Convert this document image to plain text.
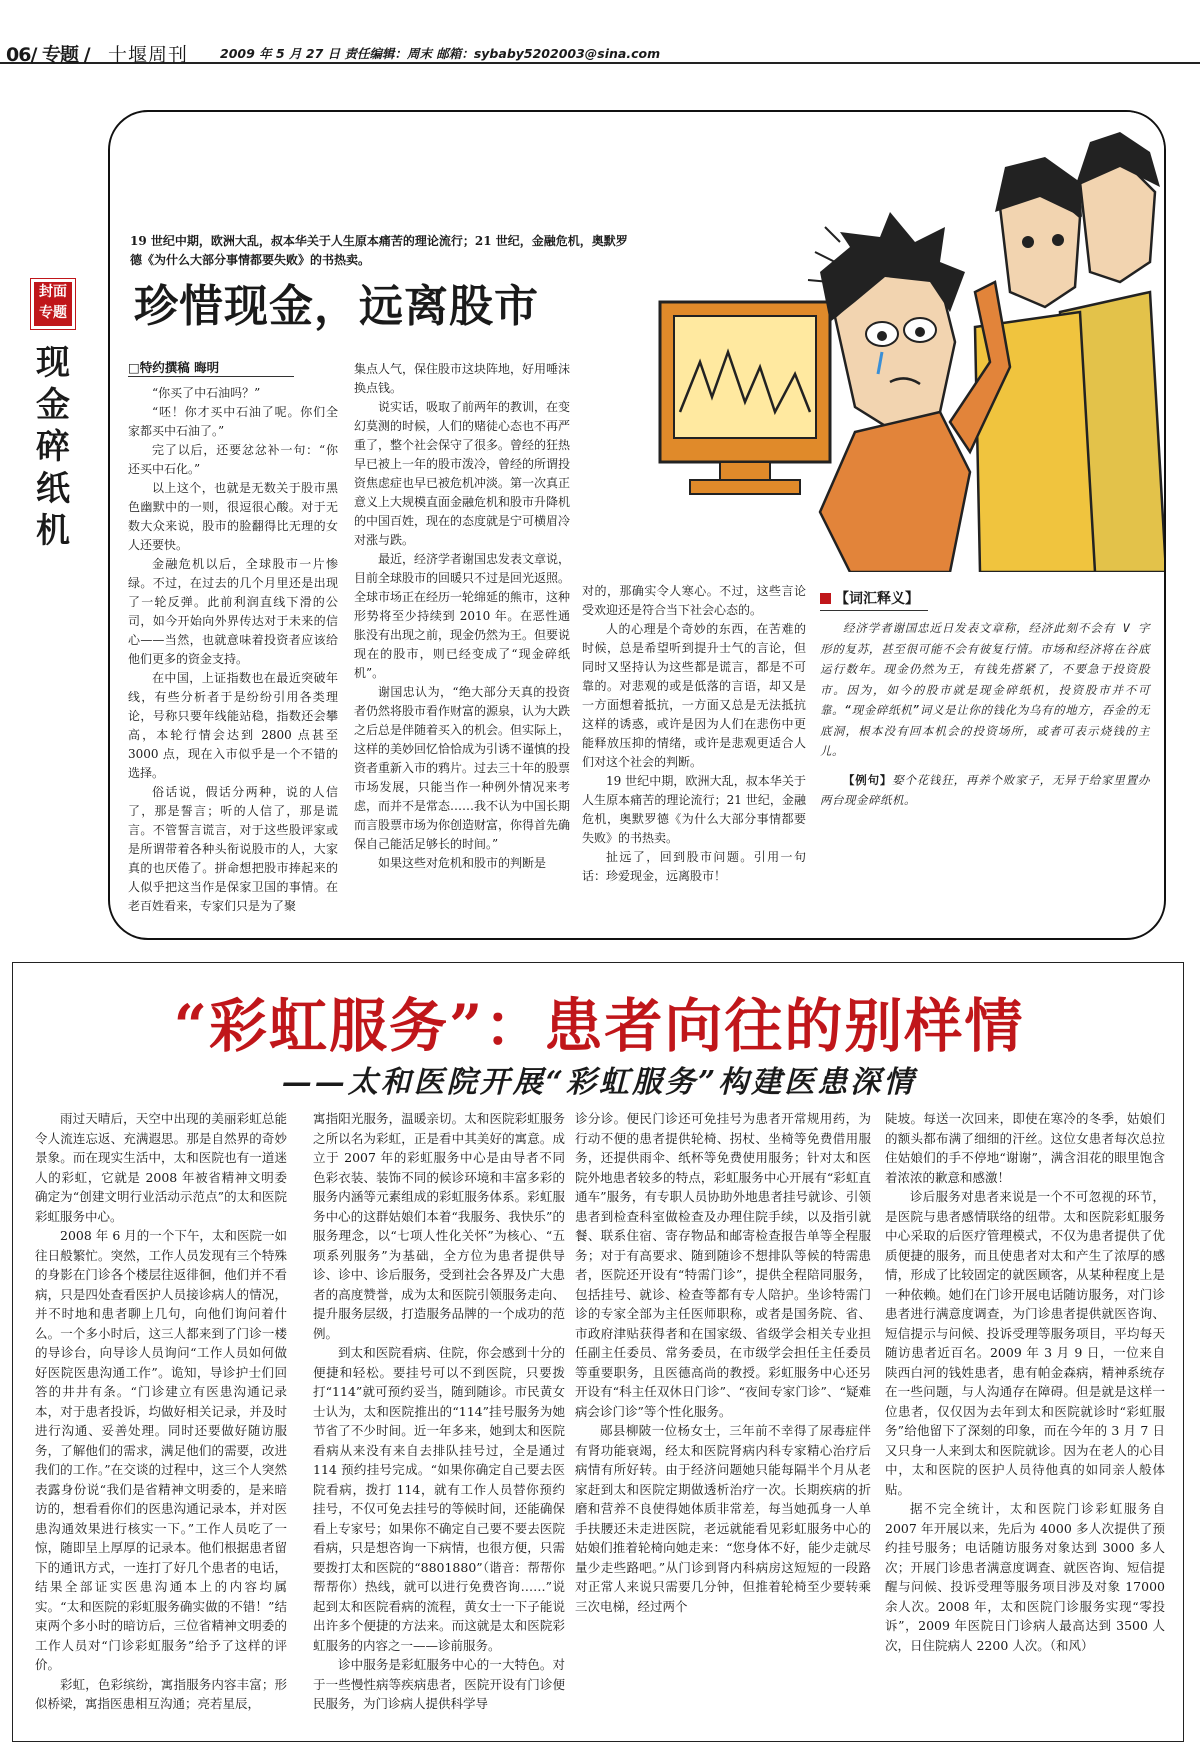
06/ 专题 / 十堰周刊	2009 年 5 月 27 日 责任编辑：周末 邮箱：sybaby5202003@sina.com
封面专题
现金碎纸机
19 世纪中期，欧洲大乱，叔本华关于人生原本痛苦的理论流行；21 世纪，金融危机，奥默罗德《为什么大部分事情都要失败》的书热卖。
珍惜现金，远离股市
□特约撰稿 晦明

“你买了中石油吗？”

“呸！你才买中石油了呢。你们全家都买中石油了。”

完了以后，还要忿忿补一句：“你还买中石化。”

以上这个，也就是无数关于股市黑色幽默中的一则，很逗很心酸。对于无数大众来说，股市的脸翻得比无理的女人还要快。

金融危机以后，全球股市一片惨绿。不过，在过去的几个月里还是出现了一轮反弹。此前利润直线下滑的公司，如今开始向外界传达对于未来的信心——当然，也就意味着投资者应该给他们更多的资金支持。

在中国，上证指数也在最近突破年线，有些分析者于是纷纷引用各类理论，号称只要年线能站稳，指数还会攀高，本轮行情会达到 2800 点甚至 3000 点，现在入市似乎是一个不错的选择。

俗话说，假话分两种，说的人信了，那是誓言；听的人信了，那是谎言。不管誓言谎言，对于这些股评家或是所谓带着各种头衔说股市的人，大家真的也厌倦了。拼命想把股市捧起来的人似乎把这当作是保家卫国的事情。在老百姓看来，专家们只是为了聚

集点人气，保住股市这块阵地，好用唾沫换点钱。

说实话，吸取了前两年的教训，在变幻莫测的时候，人们的赌徒心态也不再严重了，整个社会保守了很多。曾经的狂热早已被上一年的股市泼冷，曾经的所谓投资焦虑症也早已被危机冲淡。第一次真正意义上大规模直面金融危机和股市升降机的中国百姓，现在的态度就是宁可横眉冷对涨与跌。

最近，经济学者谢国忠发表文章说，目前全球股市的回暖只不过是回光返照。全球市场正在经历一轮绵延的熊市，这种形势将至少持续到 2010 年。在恶性通胀没有出现之前，现金仍然为王。但要说现在的股市，则已经变成了“现金碎纸机”。

谢国忠认为，“绝大部分天真的投资者仍然将股市看作财富的源泉，认为大跌之后总是伴随着买入的机会。但实际上，这样的美妙回忆恰恰成为引诱不谨慎的投资者重新入市的鸦片。过去三十年的股票市场发展，只能当作一种例外情况来考虑，而并不是常态……我不认为中国长期而言股票市场为你创造财富，你得首先确保自己能活足够长的时间。”

如果这些对危机和股市的判断是

对的，那确实令人寒心。不过，这些言论受欢迎还是符合当下社会心态的。

人的心理是个奇妙的东西，在苦难的时候，总是希望听到提升士气的言论，但同时又坚持认为这些都是谎言，都是不可靠的。对悲观的或是低落的言语，却又是一方面想着抵抗，一方面又总是无法抵抗这样的诱惑，或许是因为人们在悲伤中更能释放压抑的情绪，或许是悲观更适合人们对这个社会的判断。

19 世纪中期，欧洲大乱，叔本华关于人生原本痛苦的理论流行；21 世纪，金融危机，奥默罗德《为什么大部分事情都要失败》的书热卖。

扯远了，回到股市问题。引用一句话：珍爱现金，远离股市！

【词汇释义】

经济学者谢国忠近日发表文章称，经济此刻不会有 V 字形的复苏，甚至很可能不会有彼复行情。市场和经济将在谷底运行数年。现金仍然为王，有钱先搭紧了，不要急于投资股市。因为，如今的股市就是现金碎纸机，投资股市并不可靠。“现金碎纸机”词义是让你的钱化为乌有的地方，吞金的无底洞，根本没有回本机会的投资场所，或者可表示烧钱的主儿。

【例句】娶个花钱狂，再养个败家子，无异于给家里置办两台现金碎纸机。

“彩虹服务”：患者向往的别样情
——太和医院开展“彩虹服务”构建医患深情

雨过天晴后，天空中出现的美丽彩虹总能令人流连忘返、充满遐思。那是自然界的奇妙景象。而在现实生活中，太和医院也有一道迷人的彩虹，它就是 2008 年被省精神文明委确定为“创建文明行业活动示范点”的太和医院彩虹服务中心。

2008 年 6 月的一个下午，太和医院一如往日般繁忙。突然，工作人员发现有三个特殊的身影在门诊各个楼层往返徘徊，他们并不看病，只是四处查看医护人员接诊病人的情况，并不时地和患者聊上几句，向他们询问着什么。一个多小时后，这三人都来到了门诊一楼的导诊台，向导诊人员询问“工作人员如何做好医院医患沟通工作”。诡知，导诊护士们回答的井井有条。“门诊建立有医患沟通记录本，对于患者投诉，均做好相关记录，并及时进行沟通、妥善处理。同时还要做好随访服务，了解他们的需求，满足他们的需要，改进我们的工作。”在交谈的过程中，这三个人突然表露身份说“我们是省精神文明委的，是来暗访的，想看看你们的医患沟通记录本，并对医患沟通效果进行核实一下。”工作人员吃了一惊，随即呈上厚厚的记录本。他们根据患者留下的通讯方式，一连打了好几个患者的电话，结果全部证实医患沟通本上的内容均属实。“太和医院的彩虹服务确实做的不错！”结束两个多小时的暗访后，三位省精神文明委的工作人员对“门诊彩虹服务”给予了这样的评价。

彩虹，色彩缤纷，寓指服务内容丰富；形似桥梁，寓指医患相互沟通；亮若星辰，

寓指阳光服务，温暖亲切。太和医院彩虹服务之所以名为彩虹，正是看中其美好的寓意。成立于 2007 年的彩虹服务中心是由导者不同色彩衣装、装饰不同的候诊环境和丰富多彩的服务内涵等元素组成的彩虹服务体系。彩虹服务中心的这群姑娘们本着“我服务、我快乐”的服务理念，以“七项人性化关怀”为核心、“五项系列服务”为基础，全方位为患者提供导诊、诊中、诊后服务，受到社会各界及广大患者的高度赞誉，成为太和医院引领服务走向、提升服务层级，打造服务品牌的一个成功的范例。

到太和医院看病、住院，你会感到十分的便捷和轻松。要挂号可以不到医院，只要拨打“114”就可预约妥当，随到随诊。市民黄女士认为，太和医院推出的“114”挂号服务为她节省了不少时间。近一年多来，她到太和医院看病从来没有来自去排队挂号过，全是通过 114 预约挂号完成。“如果你确定自己要去医院看病，拨打 114，就有工作人员替你预约挂号，不仅可免去挂号的等候时间，还能确保看上专家号；如果你不确定自己要不要去医院看病，只是想咨询一下病情，也很方便，只需要拨打太和医院的“8801880”（谐音：帮帮你帮帮你）热线，就可以进行免费咨询……”说起到太和医院看病的流程，黄女士一下子能说出许多个便捷的方法来。而这就是太和医院彩虹服务的内容之一——诊前服务。

诊中服务是彩虹服务中心的一大特色。对于一些慢性病等疾病患者，医院开设有门诊便民服务，为门诊病人提供科学导

诊分诊。便民门诊还可免挂号为患者开常规用药，为行动不便的患者提供轮椅、拐杖、坐椅等免费借用服务，还提供雨伞、纸杯等免费使用服务；针对太和医院外地患者较多的特点，彩虹服务中心开展有“彩虹直通车”服务，有专职人员协助外地患者挂号就诊、引领患者到检查科室做检查及办理住院手续，以及指引就餐、联系住宿、寄存物品和邮寄检查报告单等全程服务；对于有高要求、随到随诊不想排队等候的特需患者，医院还开设有“特需门诊”，提供全程陪同服务，包括挂号、就诊、检查等都有专人陪护。坐诊特需门诊的专家全部为主任医师职称，或者是国务院、省、市政府津贴获得者和在国家级、省级学会相关专业担任副主任委员、常务委员，在市级学会担任主任委员等重要职务，且医德高尚的教授。彩虹服务中心还另开设有“科主任双休日门诊”、“夜间专家门诊”、“疑难病会诊门诊”等个性化服务。

郧县柳陂一位杨女士，三年前不幸得了尿毒症伴有肾功能衰竭，经太和医院肾病内科专家精心治疗后病情有所好转。由于经济问题她只能每隔半个月从老家赶到太和医院定期做透析治疗一次。长期疾病的折磨和营养不良使得她体质非常差，每当她孤身一人单手扶腰还未走进医院，老远就能看见彩虹服务中心的姑娘们推着轮椅向她走来：“您身体不好，能少走就尽量少走些路吧。”从门诊到肾内科病房这短短的一段路对正常人来说只需要几分钟，但推着轮椅至少要转乘三次电梯，经过两个

陡坡。每送一次回来，即使在寒冷的冬季，姑娘们的额头都布满了细细的汗丝。这位女患者每次总拉住姑娘们的手不停地“谢谢”，满含泪花的眼里饱含着浓浓的歉意和感激！

诊后服务对患者来说是一个不可忽视的环节，是医院与患者感情联络的纽带。太和医院彩虹服务中心采取的后医疗管理模式，不仅为患者提供了优质便捷的服务，而且使患者对太和产生了浓厚的感情，形成了比较固定的就医顾客，从某种程度上是一种依赖。她们在门诊开展电话随访服务，对门诊患者进行满意度调查，为门诊患者提供就医咨询、短信提示与问候、投诉受理等服务项目，平均每天随访患者近百名。2009 年 3 月 9 日，一位来自陕西白河的钱姓患者，患有帕金森病，精神系统存在一些问题，与人沟通存在障碍。但是就是这样一位患者，仅仅因为去年到太和医院就诊时“彩虹服务”给他留下了深刻的印象，而在今年的 3 月 7 日又只身一人来到太和医院就诊。因为在老人的心目中，太和医院的医护人员待他真的如同亲人般体贴。

据不完全统计，太和医院门诊彩虹服务自 2007 年开展以来，先后为 4000 多人次提供了预约挂号服务；电话随访服务对象达到 3000 多人次；开展门诊患者满意度调查、就医咨询、短信提醒与问候、投诉受理等服务项目涉及对象 17000 余人次。2008 年，太和医院门诊服务实现“零投诉”，2009 年医院日门诊病人最高达到 3500 人次，日住院病人 2200 人次。（和风）
